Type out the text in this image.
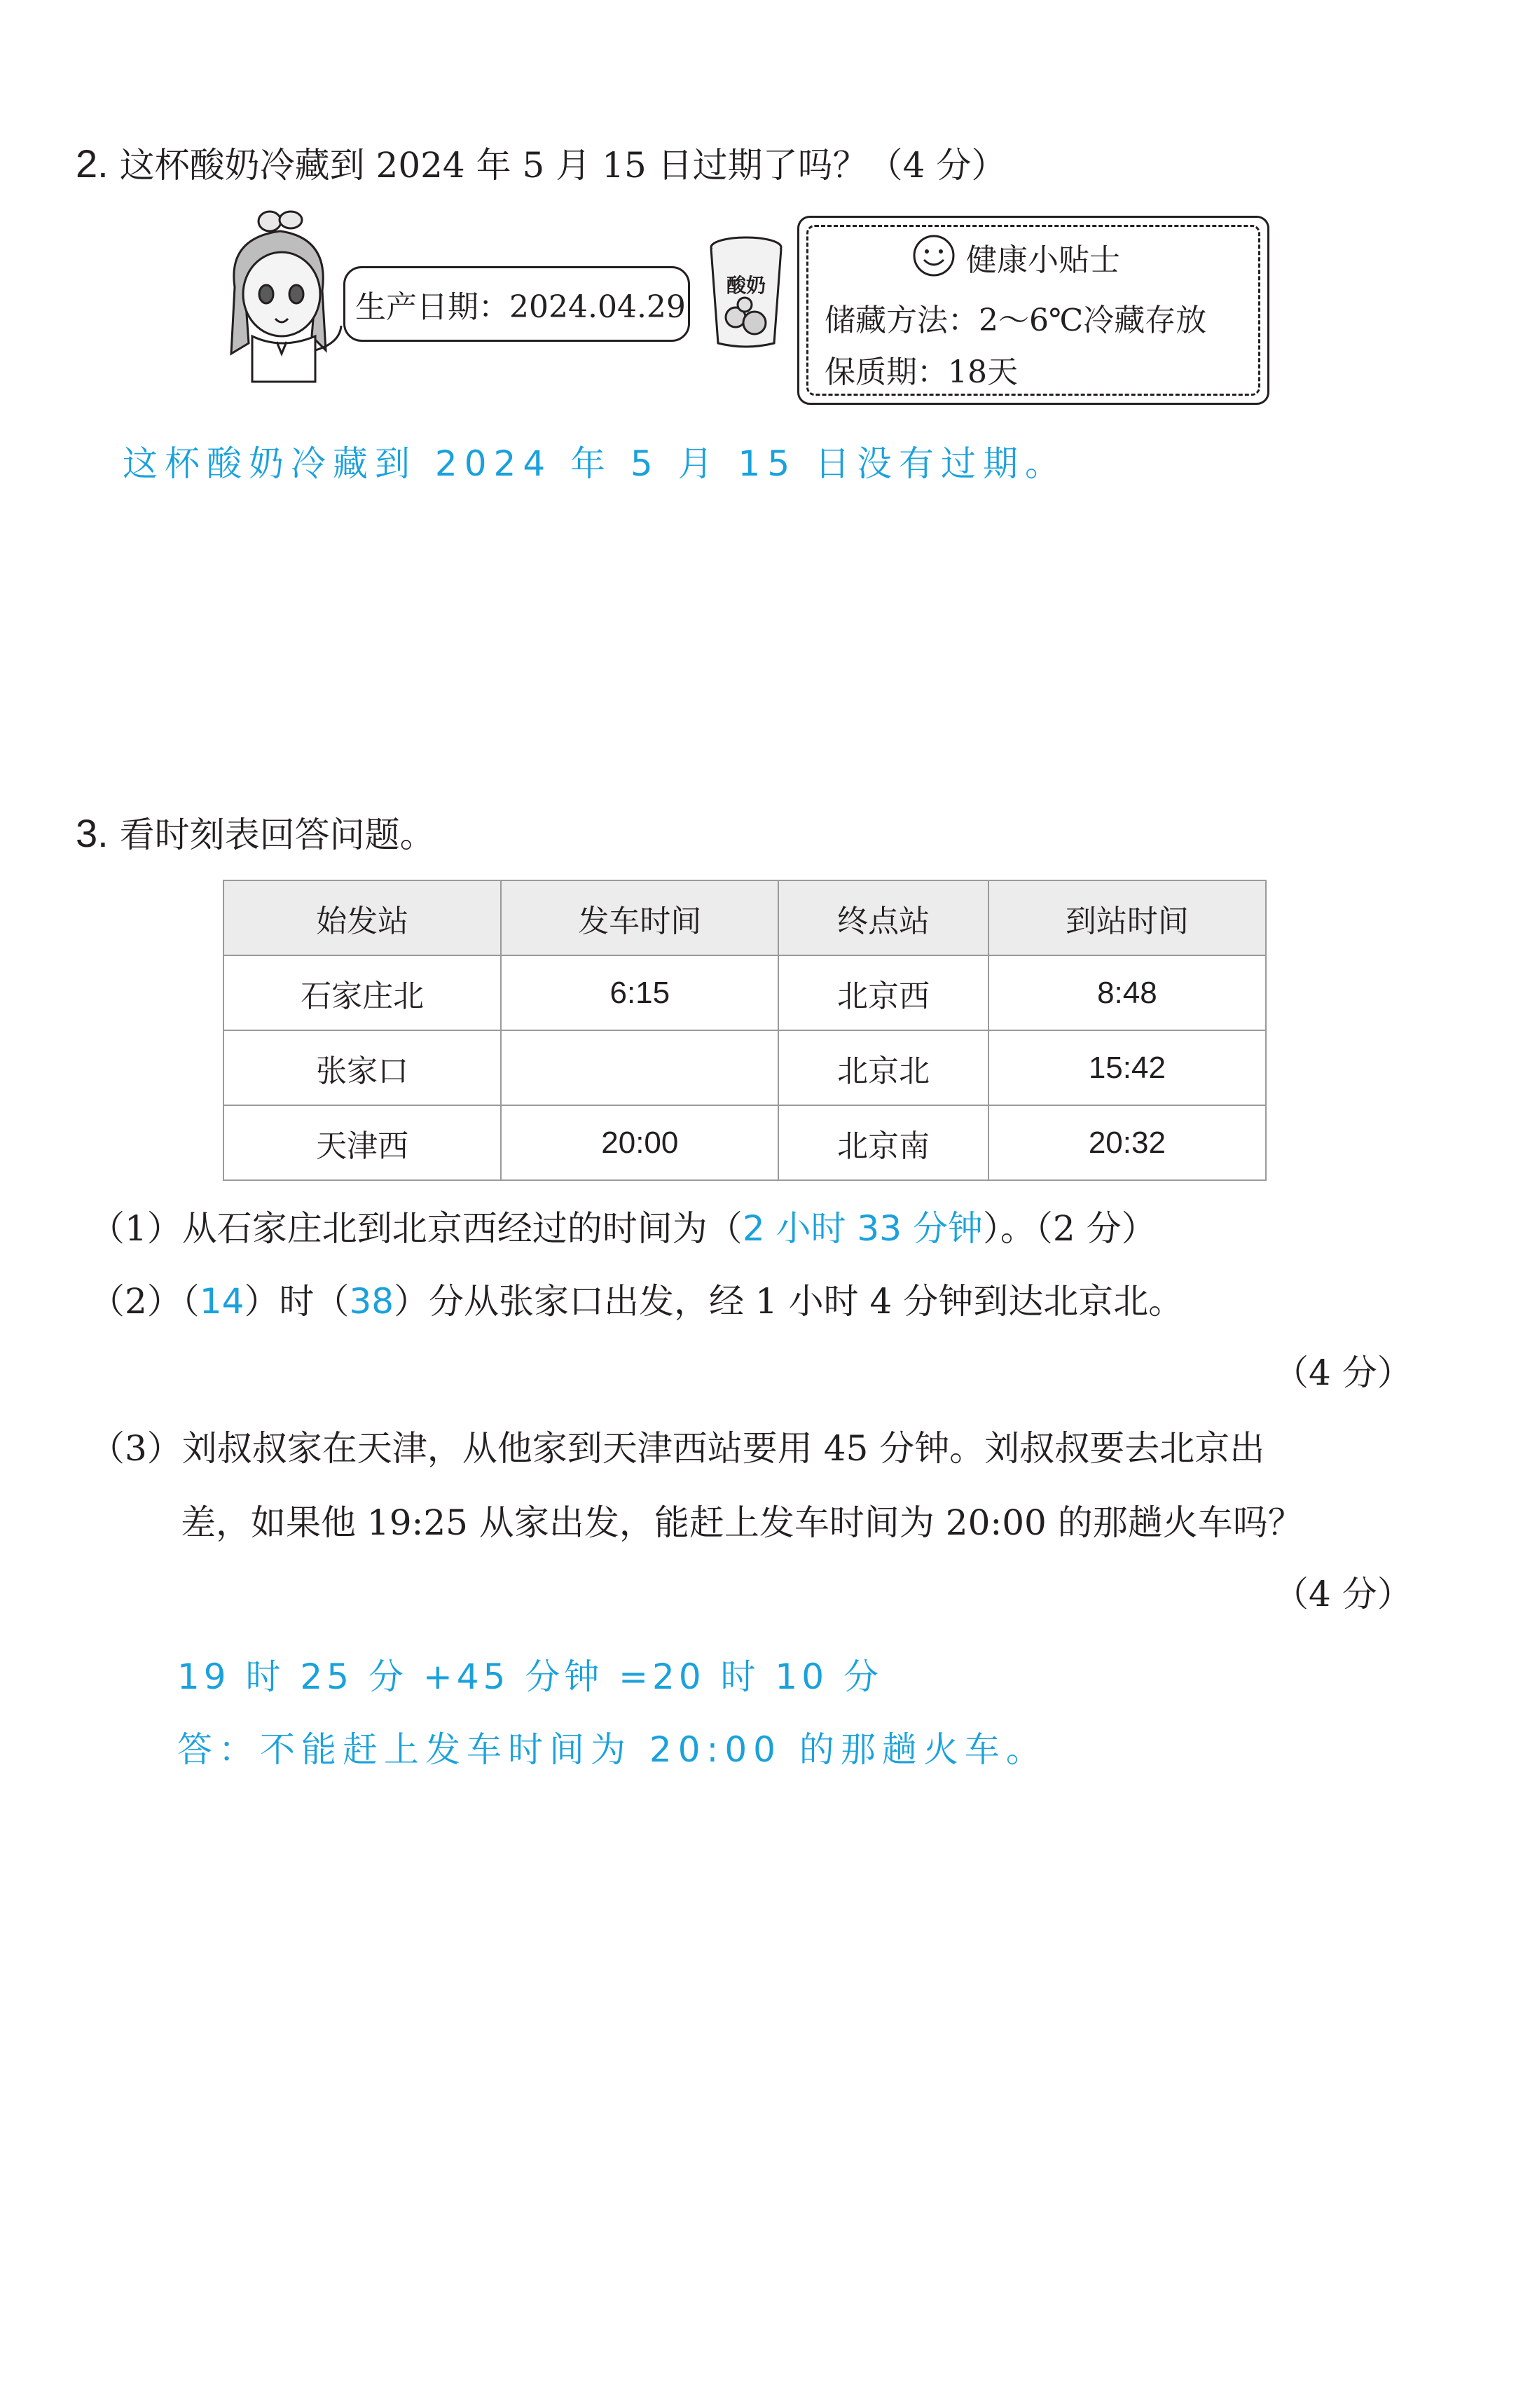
2. 这杯酸奶冷藏到 2024 年 5 月 15 日过期了吗？（4 分）
生产日期：2024.04.29
酸奶
健康小贴士
储藏方法：2～6℃冷藏存放
保质期：18天
这杯酸奶冷藏到 2024 年 5 月 15 日没有过期。
3. 看时刻表回答问题。
始发站	发车时间	终点站	到站时间
石家庄北	6:15	北京西	8:48
张家口		北京北	15:42
天津西	20:00	北京南	20:32
（1）从石家庄北到北京西经过的时间为（2 小时 33 分钟）。（2 分）
（2）（14）时（38）分从张家口出发，经 1 小时 4 分钟到达北京北。
（4 分）
（3）刘叔叔家在天津，从他家到天津西站要用 45 分钟。刘叔叔要去北京出
差，如果他 19:25 从家出发，能赶上发车时间为 20:00 的那趟火车吗？
（4 分）
19 时 25 分 +45 分钟 =20 时 10 分
答：不能赶上发车时间为 20:00 的那趟火车。
